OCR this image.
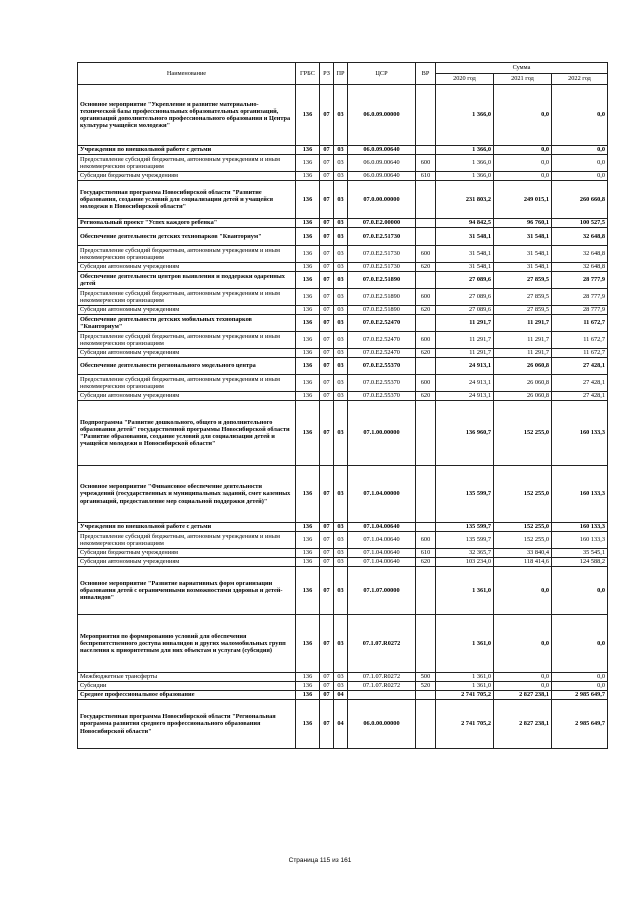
Наименование	ГРБС	РЗ	ПР	ЦСР	ВР	Сумма		
						2020 год	2021 год	2022 год
Основное мероприятие "Укрепление и развитие материально-технической базы профессиональных образовательных организаций, организаций дополнительного профессионального образования и Центра культуры учащейся молодежи"	136	07	03	06.0.09.00000		1 366,0	0,0	0,0
Учреждения по внешкольной работе с детьми	136	07	03	06.0.09.00640		1 366,0	0,0	0,0
Предоставление субсидий бюджетным, автономным учреждениям и иным некоммерческим организациям	136	07	03	06.0.09.00640	600	1 366,0	0,0	0,0
Субсидии бюджетным учреждениям	136	07	03	06.0.09.00640	610	1 366,0	0,0	0,0
Государственная программа Новосибирской области "Развитие образования, создание условий для социализации детей и учащейся молодежи в Новосибирской области"	136	07	03	07.0.00.00000		231 803,2	249 015,1	260 660,8
Региональный проект "Успех каждого ребенка"	136	07	03	07.0.E2.00000		94 842,5	96 760,1	100 527,5
Обеспечение деятельности детских технопарков "Кванториум"	136	07	03	07.0.E2.51730		31 548,1	31 548,1	32 648,8
Предоставление субсидий бюджетным, автономным учреждениям и иным некоммерческим организациям	136	07	03	07.0.E2.51730	600	31 548,1	31 548,1	32 648,8
Субсидии автономным учреждениям	136	07	03	07.0.E2.51730	620	31 548,1	31 548,1	32 648,8
Обеспечение деятельности центров выявления и поддержки одаренных детей	136	07	03	07.0.E2.51890		27 089,6	27 859,5	28 777,9
Предоставление субсидий бюджетным, автономным учреждениям и иным некоммерческим организациям	136	07	03	07.0.E2.51890	600	27 089,6	27 859,5	28 777,9
Субсидии автономным учреждениям	136	07	03	07.0.E2.51890	620	27 089,6	27 859,5	28 777,9
Обеспечение деятельности детских мобильных технопарков "Кванториум"	136	07	03	07.0.E2.52470		11 291,7	11 291,7	11 672,7
Предоставление субсидий бюджетным, автономным учреждениям и иным некоммерческим организациям	136	07	03	07.0.E2.52470	600	11 291,7	11 291,7	11 672,7
Субсидии автономным учреждениям	136	07	03	07.0.E2.52470	620	11 291,7	11 291,7	11 672,7
Обеспечение деятельности регионального модельного центра	136	07	03	07.0.E2.55370		24 913,1	26 060,8	27 428,1
Предоставление субсидий бюджетным, автономным учреждениям и иным некоммерческим организациям	136	07	03	07.0.E2.55370	600	24 913,1	26 060,8	27 428,1
Субсидии автономным учреждениям	136	07	03	07.0.E2.55370	620	24 913,1	26 060,8	27 428,1
Подпрограмма "Развитие дошкольного, общего и дополнительного образования детей" государственной программы Новосибирской области "Развитие образования, создание условий для социализации детей и учащейся молодежи в Новосибирской области"	136	07	03	07.1.00.00000		136 960,7	152 255,0	160 133,3
Основное мероприятие "Финансовое обеспечение деятельности учреждений (государственных и муниципальных заданий, смет казенных организаций, предоставление мер социальной поддержки детей)"	136	07	03	07.1.04.00000		135 599,7	152 255,0	160 133,3
Учреждения по внешкольной работе с детьми	136	07	03	07.1.04.00640		135 599,7	152 255,0	160 133,3
Предоставление субсидий бюджетным, автономным учреждениям и иным некоммерческим организациям	136	07	03	07.1.04.00640	600	135 599,7	152 255,0	160 133,3
Субсидии бюджетным учреждениям	136	07	03	07.1.04.00640	610	32 365,7	33 840,4	35 545,1
Субсидии автономным учреждениям	136	07	03	07.1.04.00640	620	103 234,0	118 414,6	124 588,2
Основное мероприятие "Развитие вариативных форм организации образования детей с ограниченными возможностями здоровья и детей-инвалидов"	136	07	03	07.1.07.00000		1 361,0	0,0	0,0
Мероприятия по формированию условий для обеспечения беспрепятственного доступа инвалидов и других маломобильных групп населения к приоритетным для них объектам и услугам (субсидия)	136	07	03	07.1.07.R0272		1 361,0	0,0	0,0
Межбюджетные трансферты	136	07	03	07.1.07.R0272	500	1 361,0	0,0	0,0
Субсидии	136	07	03	07.1.07.R0272	520	1 361,0	0,0	0,0
Среднее профессиональное образование	136	07	04			2 741 705,2	2 827 238,1	2 985 649,7
Государственная программа Новосибирской области "Региональная программа развития среднего профессионального образования Новосибирской области"	136	07	04	06.0.00.00000		2 741 705,2	2 827 238,1	2 985 649,7
Страница 115 из 161
